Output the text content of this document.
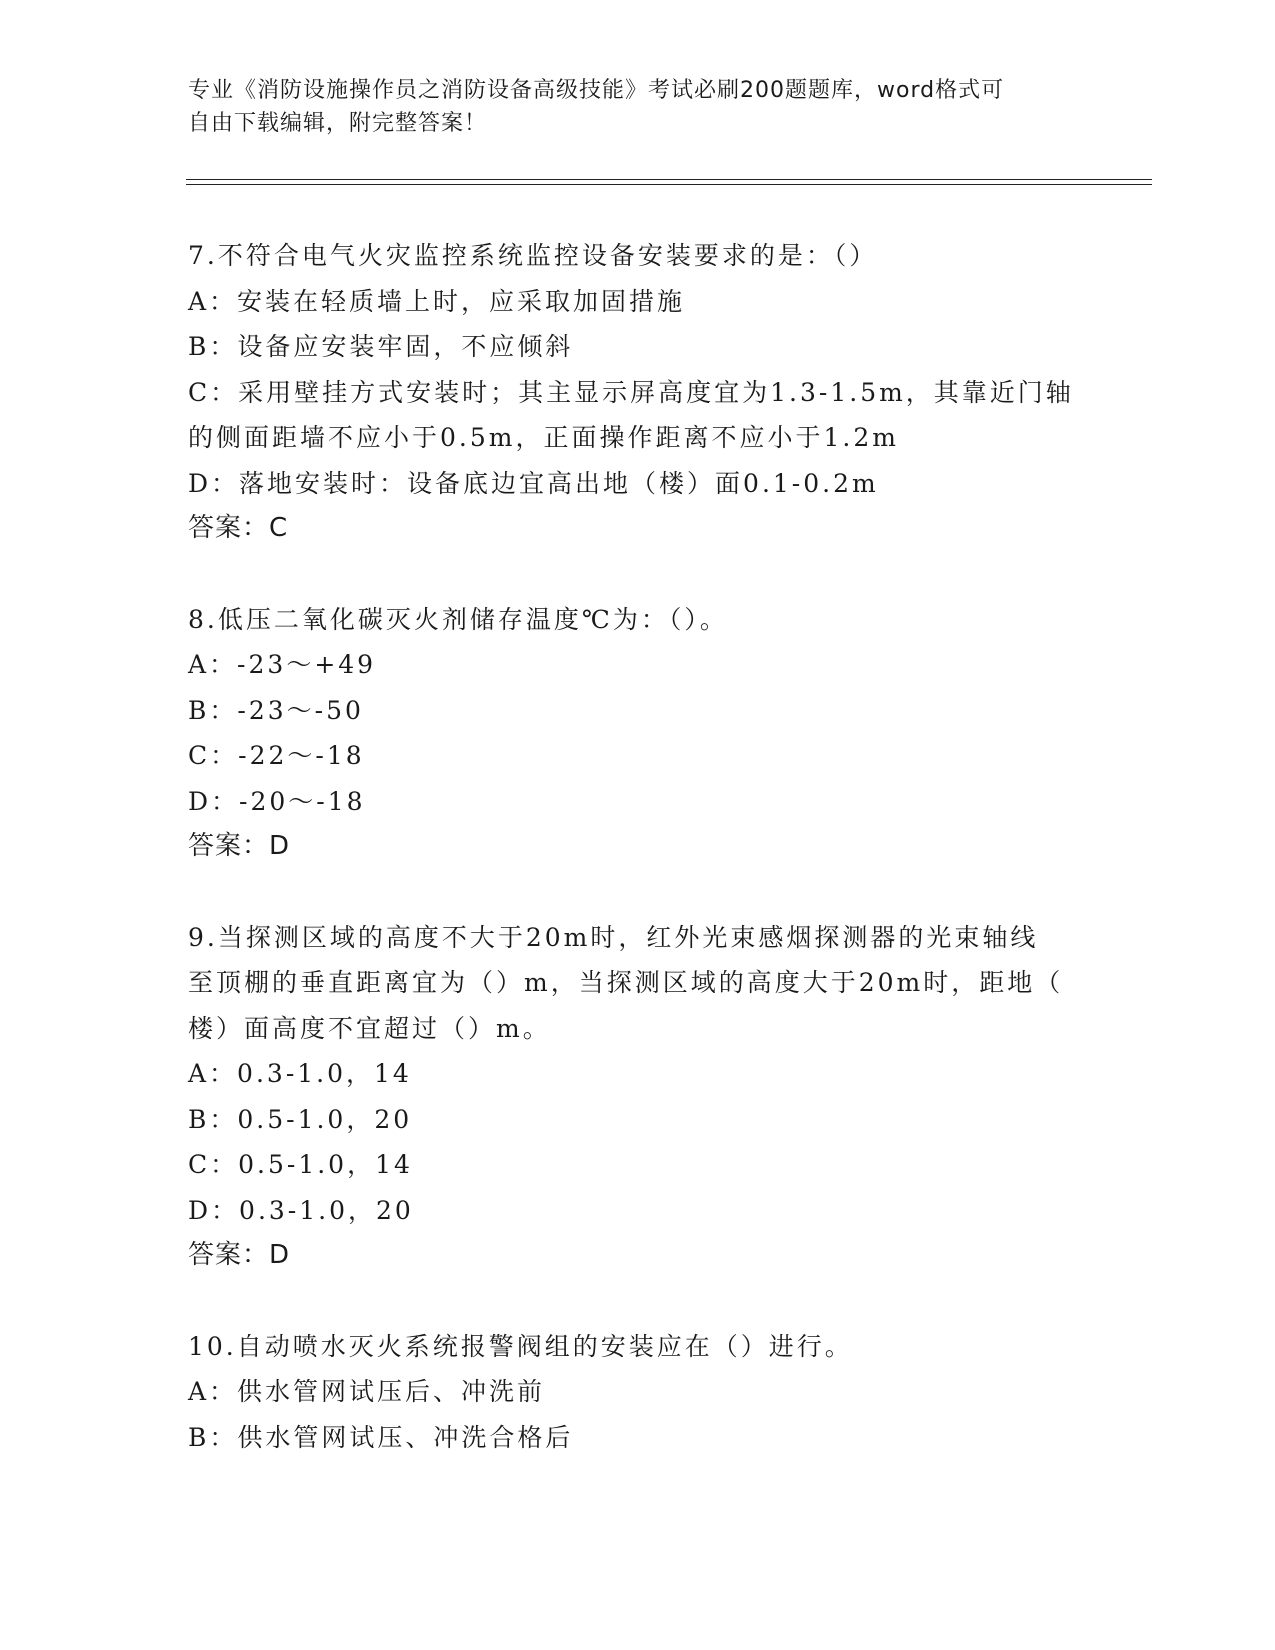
专业《消防设施操作员之消防设备高级技能》考试必刷200题题库，word格式可

自由下载编辑，附完整答案！

7.不符合电气火灾监控系统监控设备安装要求的是：（）

A：安装在轻质墙上时，应采取加固措施

B：设备应安装牢固，不应倾斜

C：采用壁挂方式安装时；其主显示屏高度宜为1.3-1.5m，其靠近门轴

的侧面距墙不应小于0.5m，正面操作距离不应小于1.2m

D：落地安装时：设备底边宜高出地（楼）面0.1-0.2m

答案：C

8.低压二氧化碳灭火剂储存温度℃为：（）。

A：-23～+49

B：-23～-50

C：-22～-18

D：-20～-18

答案：D

9.当探测区域的高度不大于20m时，红外光束感烟探测器的光束轴线

至顶棚的垂直距离宜为（）m，当探测区域的高度大于20m时，距地（

楼）面高度不宜超过（）m。

A：0.3-1.0，14

B：0.5-1.0，20

C：0.5-1.0，14

D：0.3-1.0，20

答案：D

10.自动喷水灭火系统报警阀组的安装应在（）进行。

A：供水管网试压后、冲洗前

B：供水管网试压、冲洗合格后
